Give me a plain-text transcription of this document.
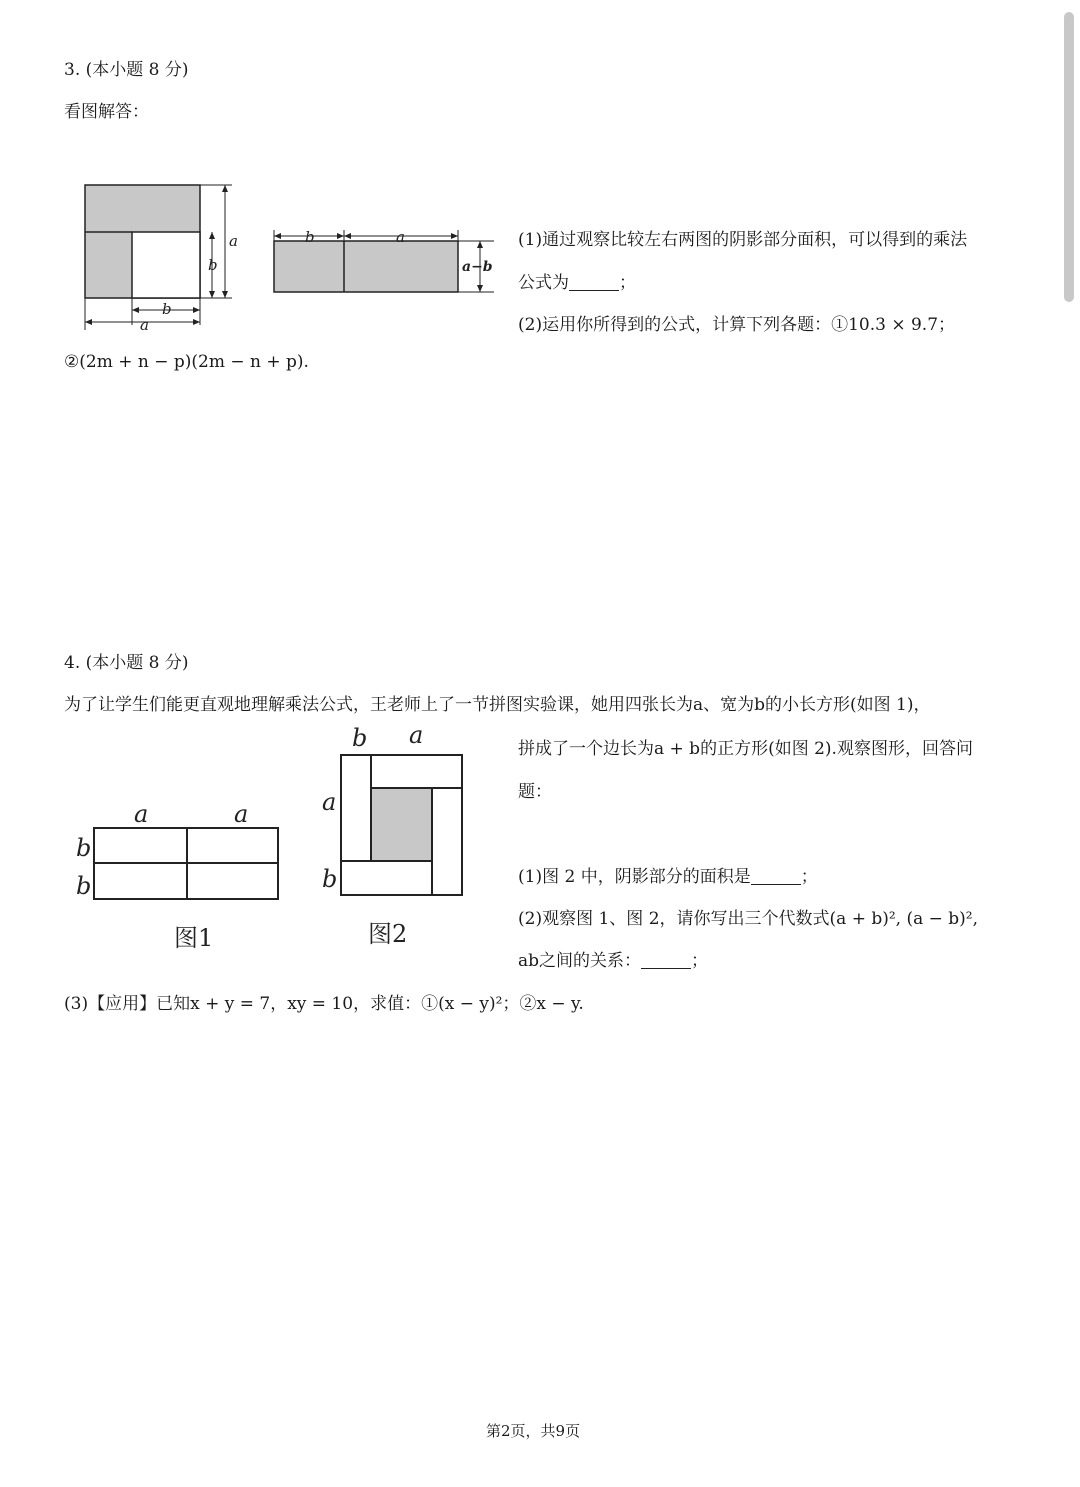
3. (本小题 8 分)

看图解答：

a
b
b
a
b	a
a−b

(1)通过观察比较左右两图的阴影部分面积，可以得到的乘法

公式为	；

(2)运用你所得到的公式，计算下列各题：①10.3 × 9.7；

②(2m + n − p)(2m − n + p).

4. (本小题 8 分)

为了让学生们能更直观地理解乘法公式，王老师上了一节拼图实验课，她用四张长为a、宽为b的小长方形(如图 1)，

a	a
b
b
图1
b a
a
b
图2

拼成了一个边长为a + b的正方形(如图 2).观察图形，回答问

题：

(1)图 2 中，阴影部分的面积是	；

(2)观察图 1、图 2，请你写出三个代数式(a + b)², (a − b)²,

ab之间的关系：	；

(3)【应用】已知x + y = 7，xy = 10，求值：①(x − y)²；②x − y.

第2页，共9页
